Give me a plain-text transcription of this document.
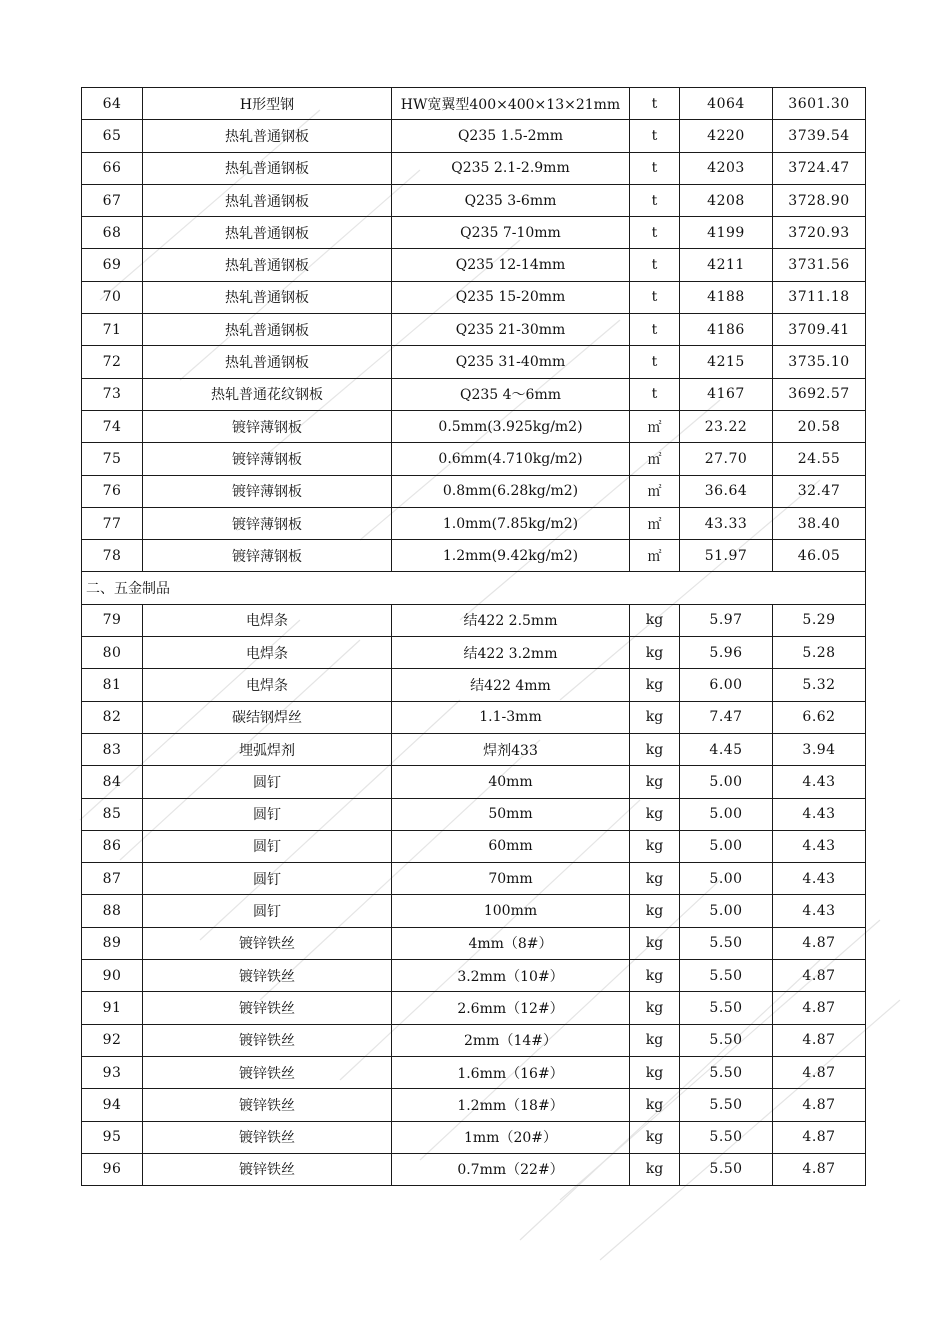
64	H形型钢	HW宽翼型400×400×13×21mm	t	4064	3601.30
65	热轧普通钢板	Q235 1.5-2mm	t	4220	3739.54
66	热轧普通钢板	Q235 2.1-2.9mm	t	4203	3724.47
67	热轧普通钢板	Q235 3-6mm	t	4208	3728.90
68	热轧普通钢板	Q235 7-10mm	t	4199	3720.93
69	热轧普通钢板	Q235 12-14mm	t	4211	3731.56
70	热轧普通钢板	Q235 15-20mm	t	4188	3711.18
71	热轧普通钢板	Q235 21-30mm	t	4186	3709.41
72	热轧普通钢板	Q235 31-40mm	t	4215	3735.10
73	热轧普通花纹钢板	Q235 4～6mm	t	4167	3692.57
74	镀锌薄钢板	0.5mm(3.925kg/m2)	㎡	23.22	20.58
75	镀锌薄钢板	0.6mm(4.710kg/m2)	㎡	27.70	24.55
76	镀锌薄钢板	0.8mm(6.28kg/m2)	㎡	36.64	32.47
77	镀锌薄钢板	1.0mm(7.85kg/m2)	㎡	43.33	38.40
78	镀锌薄钢板	1.2mm(9.42kg/m2)	㎡	51.97	46.05
二、五金制品					
79	电焊条	结422 2.5mm	kg	5.97	5.29
80	电焊条	结422 3.2mm	kg	5.96	5.28
81	电焊条	结422 4mm	kg	6.00	5.32
82	碳结钢焊丝	1.1-3mm	kg	7.47	6.62
83	埋弧焊剂	焊剂433	kg	4.45	3.94
84	圆钉	40mm	kg	5.00	4.43
85	圆钉	50mm	kg	5.00	4.43
86	圆钉	60mm	kg	5.00	4.43
87	圆钉	70mm	kg	5.00	4.43
88	圆钉	100mm	kg	5.00	4.43
89	镀锌铁丝	4mm（8#）	kg	5.50	4.87
90	镀锌铁丝	3.2mm（10#）	kg	5.50	4.87
91	镀锌铁丝	2.6mm（12#）	kg	5.50	4.87
92	镀锌铁丝	2mm（14#）	kg	5.50	4.87
93	镀锌铁丝	1.6mm（16#）	kg	5.50	4.87
94	镀锌铁丝	1.2mm（18#）	kg	5.50	4.87
95	镀锌铁丝	1mm（20#）	kg	5.50	4.87
96	镀锌铁丝	0.7mm（22#）	kg	5.50	4.87
